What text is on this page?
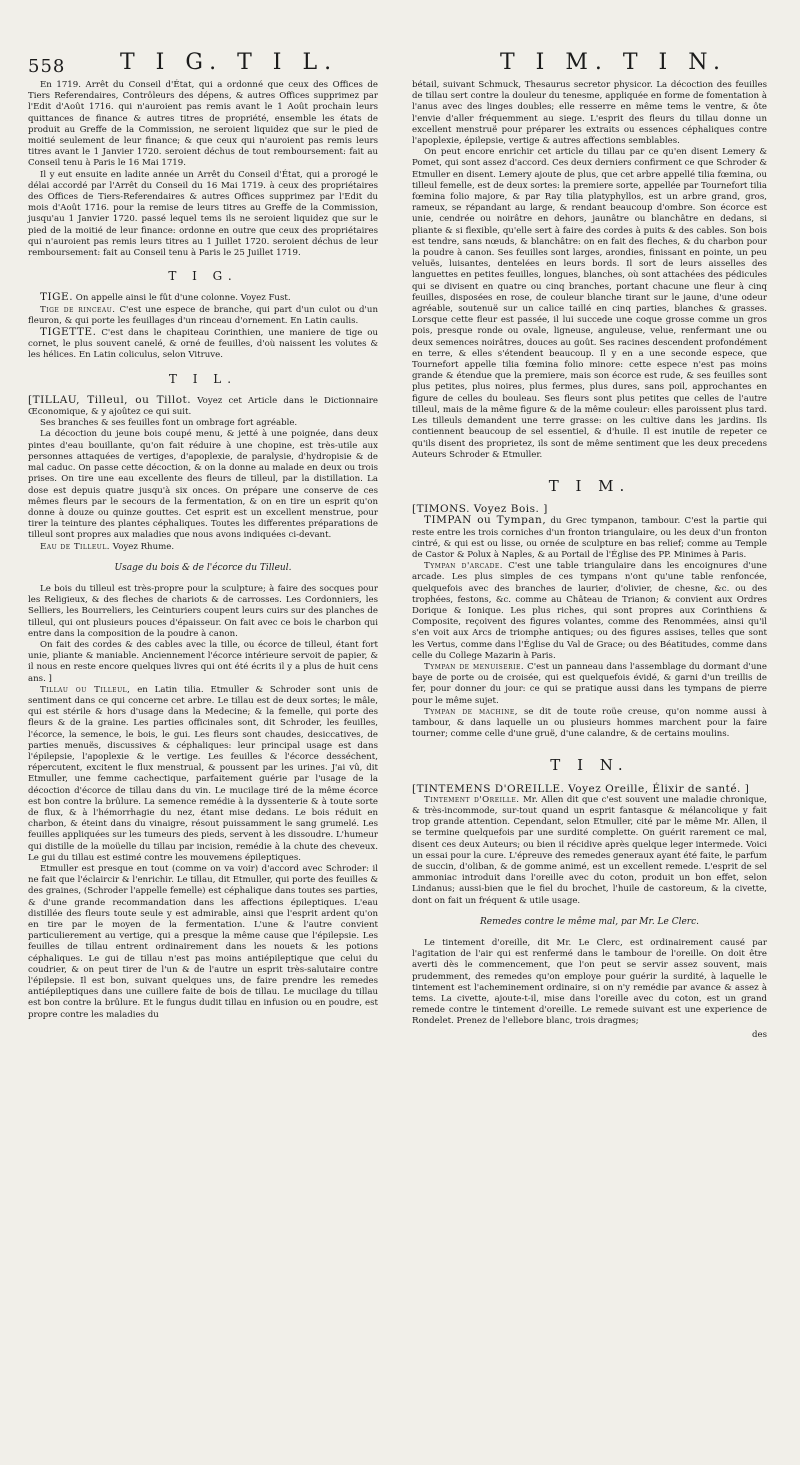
558 T I G. T I L.	T I M. T I N.

En 1719. Arrêt du Conseil d'État, qui a ordonné que ceux des Offices de Tiers Referendaires, Contrôleurs des dépens, & autres Offices supprimez par l'Edit d'Août 1716. qui n'auroient pas remis avant le 1 Août prochain leurs quittances de finance & autres titres de propriété, ensemble les états de produit au Greffe de la Commission, ne seroient liquidez que sur le pied de moitié seulement de leur finance; & que ceux qui n'auroient pas remis leurs titres avant le 1 Janvier 1720. seroient déchus de tout remboursement: fait au Conseil tenu à Paris le 16 Mai 1719.

Il y eut ensuite en ladite année un Arrêt du Conseil d'État, qui a prorogé le délai accordé par l'Arrêt du Conseil du 16 Mai 1719. à ceux des propriétaires des Offices de Tiers-Referendaires & autres Offices supprimez par l'Edit du mois d'Août 1716. pour la remise de leurs titres au Greffe de la Commission, jusqu'au 1 Janvier 1720. passé lequel tems ils ne seroient liquidez que sur le pied de la moitié de leur finance: ordonne en outre que ceux des propriétaires qui n'auroient pas remis leurs titres au 1 Juillet 1720. seroient déchus de leur remboursement: fait au Conseil tenu à Paris le 25 Juillet 1719.

T I G.

TIGE. On appelle ainsi le fût d'une colonne. Voyez Fust.

Tige de rinceau. C'est une espece de branche, qui part d'un culot ou d'un fleuron, & qui porte les feuillages d'un rinceau d'ornement. En Latin caulis.

TIGETTE. C'est dans le chapiteau Corinthien, une maniere de tige ou cornet, le plus souvent canelé, & orné de feuilles, d'où naissent les volutes & les hélices. En Latin coliculus, selon Vitruve.

T I L.

[TILLAU, Tilleul, ou Tillot. Voyez cet Article dans le Dictionnaire Œconomique, & y ajoûtez ce qui suit.

Ses branches & ses feuilles font un ombrage fort agréable.

La décoction du jeune bois coupé menu, & jetté à une poignée, dans deux pintes d'eau bouillante, qu'on fait réduire à une chopine, est très-utile aux personnes attaquées de vertiges, d'apoplexie, de paralysie, d'hydropisie & de mal caduc. On passe cette décoction, & on la donne au malade en deux ou trois prises. On tire une eau excellente des fleurs de tilleul, par la distillation. La dose est depuis quatre jusqu'à six onces. On prépare une conserve de ces mêmes fleurs par le secours de la fermentation, & on en tire un esprit qu'on donne à douze ou quinze gouttes. Cet esprit est un excellent menstrue, pour tirer la teinture des plantes céphaliques. Toutes les differentes préparations de tilleul sont propres aux maladies que nous avons indiquées ci-devant.

Eau de Tilleul. Voyez Rhume.

Usage du bois & de l'écorce du Tilleul.

Le bois du tilleul est très-propre pour la sculpture; à faire des socques pour les Religieux, & des fleches de chariots & de carrosses. Les Cordonniers, les Selliers, les Bourreliers, les Ceinturiers coupent leurs cuirs sur des planches de tilleul, qui ont plusieurs pouces d'épaisseur. On fait avec ce bois le charbon qui entre dans la composition de la poudre à canon.

On fait des cordes & des cables avec la tille, ou écorce de tilleul, étant fort unie, pliante & maniable. Anciennement l'écorce intérieure servoit de papier, & il nous en reste encore quelques livres qui ont été écrits il y a plus de huit cens ans. ]

Tillau ou Tilleul, en Latin tilia. Etmuller & Schroder sont unis de sentiment dans ce qui concerne cet arbre. Le tillau est de deux sortes; le mâle, qui est stérile & hors d'usage dans la Medecine; & la femelle, qui porte des fleurs & de la graine. Les parties officinales sont, dit Schroder, les feuilles, l'écorce, la semence, le bois, le gui. Les fleurs sont chaudes, desiccatives, de parties menuës, discussives & céphaliques: leur principal usage est dans l'épilepsie, l'apoplexie & le vertige. Les feuilles & l'écorce desséchent, répercutent, excitent le flux menstrual, & poussent par les urines. J'ai vû, dit Etmuller, une femme cachectique, parfaitement guérie par l'usage de la décoction d'écorce de tillau dans du vin. Le mucilage tiré de la même écorce est bon contre la brûlure. La semence remédie à la dyssenterie & à toute sorte de flux, & à l'hémorrhagie du nez, étant mise dedans. Le bois réduit en charbon, & éteint dans du vinaigre, résout puissamment le sang grumelé. Les feuilles appliquées sur les tumeurs des pieds, servent à les dissoudre. L'humeur qui distille de la moüelle du tillau par incision, remédie à la chute des cheveux. Le gui du tillau est estimé contre les mouvemens épileptiques.

Etmuller est presque en tout (comme on va voir) d'accord avec Schroder: il ne fait que l'éclaircir & l'enrichir. Le tillau, dit Etmuller, qui porte des feuilles & des graines, (Schroder l'appelle femelle) est céphalique dans toutes ses parties, & d'une grande recommandation dans les affections épileptiques. L'eau distillée des fleurs toute seule y est admirable, ainsi que l'esprit ardent qu'on en tire par le moyen de la fermentation. L'une & l'autre convient particulierement au vertige, qui a presque la même cause que l'épilepsie. Les feuilles de tillau entrent ordinairement dans les nouets & les potions céphaliques. Le gui de tillau n'est pas moins antiépileptique que celui du coudrier, & on peut tirer de l'un & de l'autre un esprit très-salutaire contre l'épilepsie. Il est bon, suivant quelques uns, de faire prendre les remedes antiépileptiques dans une cuillere faite de bois de tillau. Le mucilage du tillau est bon contre la brûlure. Et le fungus dudit tillau en infusion ou en poudre, est propre contre les maladies du

bétail, suivant Schmuck, Thesaurus secretor physicor. La décoction des feuilles de tillau sert contre la douleur du tenesme, appliquée en forme de fomentation à l'anus avec des linges doubles; elle resserre en même tems le ventre, & ôte l'envie d'aller fréquemment au siege. L'esprit des fleurs du tillau donne un excellent menstruë pour préparer les extraits ou essences céphaliques contre l'apoplexie, épilepsie, vertige & autres affections semblables.

On peut encore enrichir cet article du tillau par ce qu'en disent Lemery & Pomet, qui sont assez d'accord. Ces deux derniers confirment ce que Schroder & Etmuller en disent. Lemery ajoute de plus, que cet arbre appellé tilia fœmina, ou tilleul femelle, est de deux sortes: la premiere sorte, appellée par Tournefort tilia fœmina folio majore, & par Ray tilia platyphyllos, est un arbre grand, gros, rameux, se répandant au large, & rendant beaucoup d'ombre. Son écorce est unie, cendrée ou noirâtre en dehors, jaunâtre ou blanchâtre en dedans, si pliante & si flexible, qu'elle sert à faire des cordes à puits & des cables. Son bois est tendre, sans nœuds, & blanchâtre: on en fait des fleches, & du charbon pour la poudre à canon. Ses feuilles sont larges, arondies, finissant en pointe, un peu veluës, luisantes, dentelées en leurs bords. Il sort de leurs aisselles des languettes en petites feuilles, longues, blanches, où sont attachées des pédicules qui se divisent en quatre ou cinq branches, portant chacune une fleur à cinq feuilles, disposées en rose, de couleur blanche tirant sur le jaune, d'une odeur agréable, soutenuë sur un calice taillé en cinq parties, blanches & grasses. Lorsque cette fleur est passée, il lui succede une coque grosse comme un gros pois, presque ronde ou ovale, ligneuse, anguleuse, velue, renfermant une ou deux semences noirâtres, douces au goût. Ses racines descendent profondément en terre, & elles s'étendent beaucoup. Il y en a une seconde espece, que Tournefort appelle tilia fœmina folio minore: cette espece n'est pas moins grande & étendue que la premiere, mais son écorce est rude, & ses feuilles sont plus petites, plus noires, plus fermes, plus dures, sans poil, approchantes en figure de celles du bouleau. Ses fleurs sont plus petites que celles de l'autre tilleul, mais de la même figure & de la même couleur: elles paroissent plus tard. Les tilleuls demandent une terre grasse: on les cultive dans les jardins. Ils contiennent beaucoup de sel essentiel, & d'huile. Il est inutile de repeter ce qu'ils disent des proprietez, ils sont de même sentiment que les deux precedens Auteurs Schroder & Etmuller.

T I M.

[TIMONS. Voyez Bois. ]

TIMPAN ou Tympan, du Grec tympanon, tambour. C'est la partie qui reste entre les trois corniches d'un fronton triangulaire, ou les deux d'un fronton cintré, & qui est ou lisse, ou ornée de sculpture en bas relief; comme au Temple de Castor & Polux à Naples, & au Portail de l'Église des PP. Minimes à Paris.

Tympan d'arcade. C'est une table triangulaire dans les encoignures d'une arcade. Les plus simples de ces tympans n'ont qu'une table renfoncée, quelquefois avec des branches de laurier, d'olivier, de chesne, &c. ou des trophées, festons, &c. comme au Château de Trianon; & convient aux Ordres Dorique & Ionique. Les plus riches, qui sont propres aux Corinthiens & Composite, reçoivent des figures volantes, comme des Renommées, ainsi qu'il s'en voit aux Arcs de triomphe antiques; ou des figures assises, telles que sont les Vertus, comme dans l'Église du Val de Grace; ou des Béatitudes, comme dans celle du College Mazarin à Paris.

Tympan de menuiserie. C'est un panneau dans l'assemblage du dormant d'une baye de porte ou de croisée, qui est quelquefois évidé, & garni d'un treillis de fer, pour donner du jour: ce qui se pratique aussi dans les tympans de pierre pour le même sujet.

Tympan de machine, se dit de toute roüe creuse, qu'on nomme aussi à tambour, & dans laquelle un ou plusieurs hommes marchent pour la faire tourner; comme celle d'une gruë, d'une calandre, & de certains moulins.

T I N.

[TINTEMENS D'OREILLE. Voyez Oreille, Élixir de santé. ]

Tintement d'Oreille. Mr. Allen dit que c'est souvent une maladie chronique, & très-incommode, sur-tout quand un esprit fantasque & mélancolique y fait trop grande attention. Cependant, selon Etmuller, cité par le même Mr. Allen, il se termine quelquefois par une surdité complette. On guérit rarement ce mal, disent ces deux Auteurs; ou bien il récidive après quelque leger intermede. Voici un essai pour la cure. L'épreuve des remedes generaux ayant été faite, le parfum de succin, d'oliban, & de gomme animé, est un excellent remede. L'esprit de sel ammoniac introduit dans l'oreille avec du coton, produit un bon effet, selon Lindanus; aussi-bien que le fiel du brochet, l'huile de castoreum, & la civette, dont on fait un fréquent & utile usage.

Remedes contre le même mal, par Mr. Le Clerc.

Le tintement d'oreille, dit Mr. Le Clerc, est ordinairement causé par l'agitation de l'air qui est renfermé dans le tambour de l'oreille. On doit être averti dès le commencement, que l'on peut se servir assez souvent, mais prudemment, des remedes qu'on employe pour guérir la surdité, à laquelle le tintement est l'acheminement ordinaire, si on n'y remédie par avance & assez à tems. La civette, ajoute-t-il, mise dans l'oreille avec du coton, est un grand remede contre le tintement d'oreille. Le remede suivant est une experience de Rondelet. Prenez de l'ellebore blanc, trois dragmes;

des
